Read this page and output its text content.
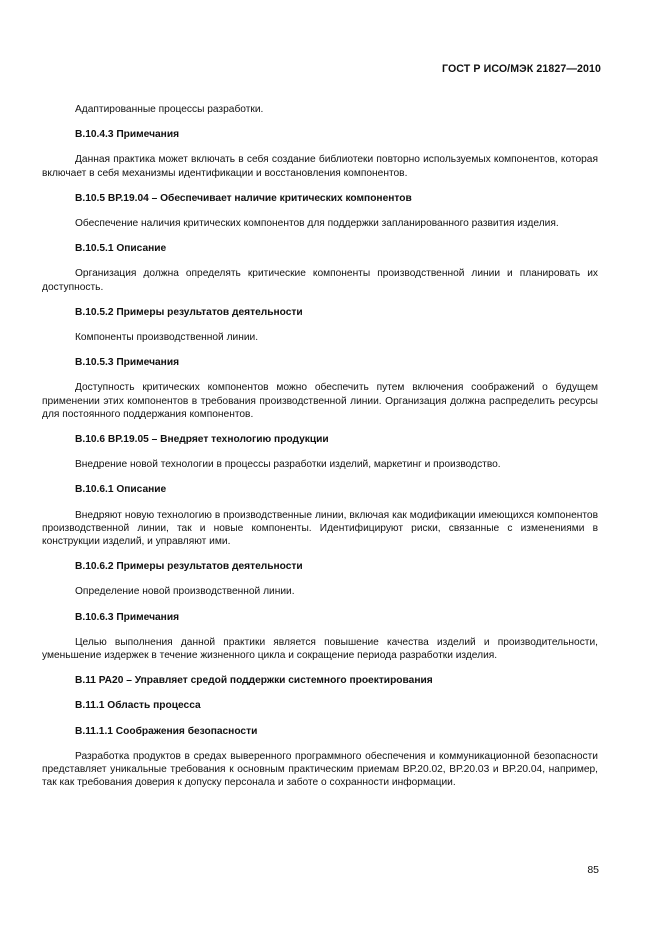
ГОСТ Р ИСО/МЭК 21827—2010

Адаптированные процессы разработки.

В.10.4.3 Примечания

Данная практика может включать в себя создание библиотеки повторно используемых компонентов, которая включает в себя механизмы идентификации и восстановления компонентов.

В.10.5 ВР.19.04 – Обеспечивает наличие критических компонентов

Обеспечение наличия критических компонентов для поддержки запланированного развития изделия.

В.10.5.1 Описание

Организация должна определять критические компоненты производственной линии и планировать их доступность.

В.10.5.2 Примеры результатов деятельности

Компоненты производственной линии.

В.10.5.3 Примечания

Доступность критических компонентов можно обеспечить путем включения соображений о будущем применении этих компонентов в требования производственной линии. Организация должна распределить ресурсы для постоянного поддержания компонентов.

В.10.6 ВР.19.05 – Внедряет технологию продукции

Внедрение новой технологии в процессы разработки изделий, маркетинг и производство.

В.10.6.1 Описание

Внедряют новую технологию в производственные линии, включая как модификации имеющихся компонентов производственной линии, так и новые компоненты. Идентифицируют риски, связанные с изменениями в конструкции изделий, и управляют ими.

В.10.6.2 Примеры результатов деятельности

Определение новой производственной линии.

В.10.6.3 Примечания

Целью выполнения данной практики является повышение качества изделий и производительности, уменьшение издержек в течение жизненного цикла и сокращение периода разработки изделия.

В.11 РА20 – Управляет средой поддержки системного проектирования

В.11.1 Область процесса

В.11.1.1 Соображения безопасности

Разработка продуктов в средах выверенного программного обеспечения и коммуникационной безопасности представляет уникальные требования к основным практическим приемам ВР.20.02, ВР.20.03 и ВР.20.04, например, так как требования доверия к допуску персонала и заботе о сохранности информации.

85
